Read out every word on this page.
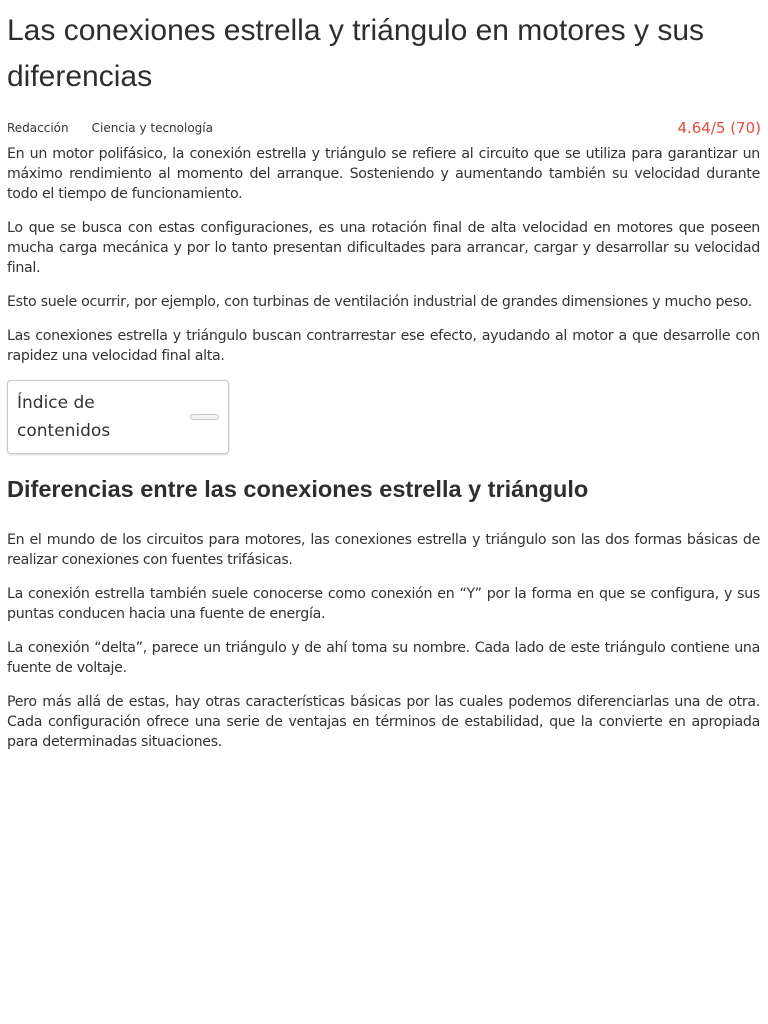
Las conexiones estrella y triángulo en motores y sus diferencias
Redacción Ciencia y tecnología	4.64/5 (70)

En un motor polifásico, la conexión estrella y triángulo se refiere al circuito que se utiliza para garantizar un máximo rendimiento al momento del arranque. Sosteniendo y aumentando también su velocidad durante todo el tiempo de funcionamiento.

Lo que se busca con estas configuraciones, es una rotación final de alta velocidad en motores que poseen mucha carga mecánica y por lo tanto presentan dificultades para arrancar, cargar y desarrollar su velocidad final.

Esto suele ocurrir, por ejemplo, con turbinas de ventilación industrial de grandes dimensiones y mucho peso.

Las conexiones estrella y triángulo buscan contrarrestar ese efecto, ayudando al motor a que desarrolle con rapidez una velocidad final alta.

Índice de contenidos
Diferencias entre las conexiones estrella y triángulo

En el mundo de los circuitos para motores, las conexiones estrella y triángulo son las dos formas básicas de realizar conexiones con fuentes trifásicas.

La conexión estrella también suele conocerse como conexión en “Y” por la forma en que se configura, y sus puntas conducen hacia una fuente de energía.

La conexión “delta”, parece un triángulo y de ahí toma su nombre. Cada lado de este triángulo contiene una fuente de voltaje.

Pero más allá de estas, hay otras características básicas por las cuales podemos diferenciarlas una de otra. Cada configuración ofrece una serie de ventajas en términos de estabilidad, que la convierte en apropiada para determinadas situaciones.
